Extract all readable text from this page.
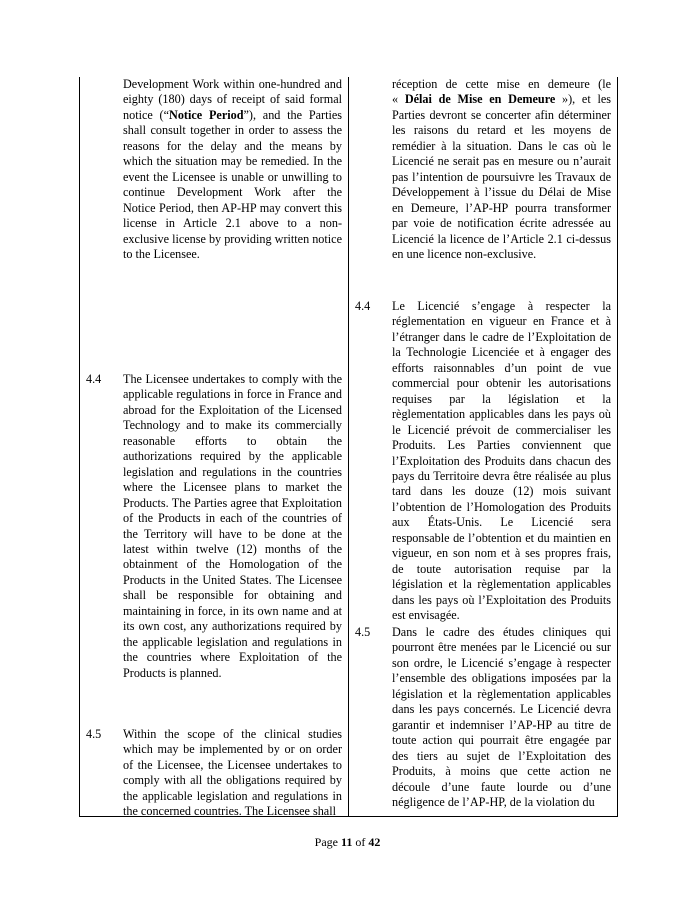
Development Work within one-hundred and eighty (180) days of receipt of said formal notice (“Notice Period”), and the Parties shall consult together in order to assess the reasons for the delay and the means by which the situation may be remedied. In the event the Licensee is unable or unwilling to continue Development Work after the Notice Period, then AP-HP may convert this license in Article 2.1 above to a non-exclusive license by providing written notice to the Licensee.

4.4 The Licensee undertakes to comply with the applicable regulations in force in France and abroad for the Exploitation of the Licensed Technology and to make its commercially reasonable efforts to obtain the authorizations required by the applicable legislation and regulations in the countries where the Licensee plans to market the Products. The Parties agree that Exploitation of the Products in each of the countries of the Territory will have to be done at the latest within twelve (12) months of the obtainment of the Homologation of the Products in the United States. The Licensee shall be responsible for obtaining and maintaining in force, in its own name and at its own cost, any authorizations required by the applicable legislation and regulations in the countries where Exploitation of the Products is planned.

4.5 Within the scope of the clinical studies which may be implemented by or on order of the Licensee, the Licensee undertakes to comply with all the obligations required by the applicable legislation and regulations in the concerned countries. The Licensee shall

réception de cette mise en demeure (le « Délai de Mise en Demeure »), et les Parties devront se concerter afin déterminer les raisons du retard et les moyens de remédier à la situation. Dans le cas où le Licencié ne serait pas en mesure ou n’aurait pas l’intention de poursuivre les Travaux de Développement à l’issue du Délai de Mise en Demeure, l’AP-HP pourra transformer par voie de notification écrite adressée au Licencié la licence de l’Article 2.1 ci-dessus en une licence non-exclusive.

4.4 Le Licencié s’engage à respecter la réglementation en vigueur en France et à l’étranger dans le cadre de l’Exploitation de la Technologie Licenciée et à engager des efforts raisonnables d’un point de vue commercial pour obtenir les autorisations requises par la législation et la règlementation applicables dans les pays où le Licencié prévoit de commercialiser les Produits. Les Parties conviennent que l’Exploitation des Produits dans chacun des pays du Territoire devra être réalisée au plus tard dans les douze (12) mois suivant l’obtention de l’Homologation des Produits aux États-Unis. Le Licencié sera responsable de l’obtention et du maintien en vigueur, en son nom et à ses propres frais, de toute autorisation requise par la législation et la règlementation applicables dans les pays où l’Exploitation des Produits est envisagée.

4.5 Dans le cadre des études cliniques qui pourront être menées par le Licencié ou sur son ordre, le Licencié s’engage à respecter l’ensemble des obligations imposées par la législation et la règlementation applicables dans les pays concernés. Le Licencié devra garantir et indemniser l’AP-HP au titre de toute action qui pourrait être engagée par des tiers au sujet de l’Exploitation des Produits, à moins que cette action ne découle d’une faute lourde ou d’une négligence de l’AP-HP, de la violation du

Page 11 of 42
